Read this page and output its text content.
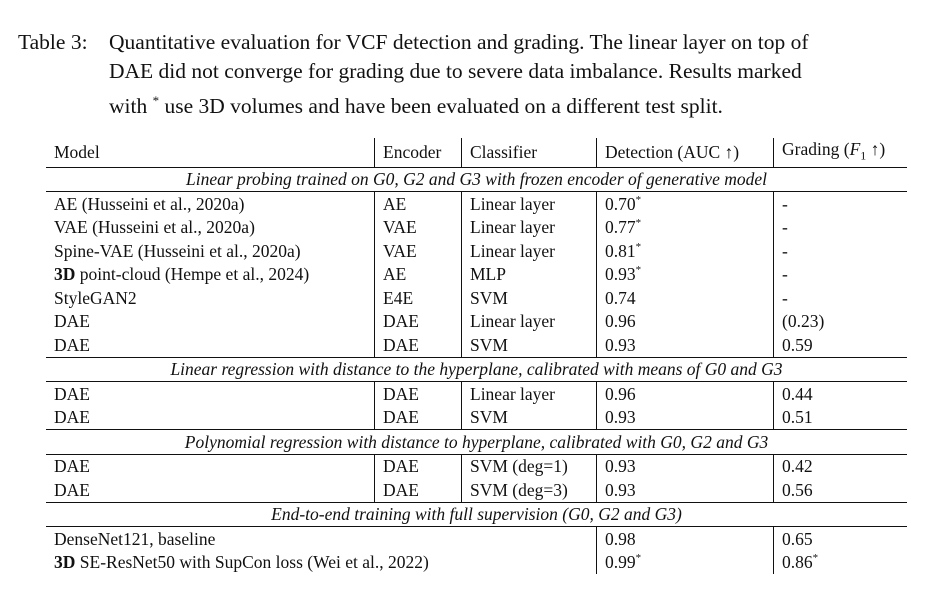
Table 3: Quantitative evaluation for VCF detection and grading. The linear layer on top of
DAE did not converge for grading due to severe data imbalance. Results marked
with * use 3D volumes and have been evaluated on a different test split.
Model	Encoder	Classifier	Detection (AUC ↑)	Grading ($F_1$ ↑)
Linear probing trained on G0, G2 and G3 with frozen encoder of generative model				
AE (Husseini et al., 2020a)	AE	Linear layer	0.70*	-
VAE (Husseini et al., 2020a)	VAE	Linear layer	0.77*	-
Spine-VAE (Husseini et al., 2020a)	VAE	Linear layer	0.81*	-
3D point-cloud (Hempe et al., 2024)	AE	MLP	0.93*	-
StyleGAN2	E4E	SVM	0.74	-
DAE	DAE	Linear layer	0.96	(0.23)
DAE	DAE	SVM	0.93	0.59
Linear regression with distance to the hyperplane, calibrated with means of G0 and G3				
DAE	DAE	Linear layer	0.96	0.44
DAE	DAE	SVM	0.93	0.51
Polynomial regression with distance to hyperplane, calibrated with G0, G2 and G3				
DAE	DAE	SVM (deg=1)	0.93	0.42
DAE	DAE	SVM (deg=3)	0.93	0.56
End-to-end training with full supervision (G0, G2 and G3)				
DenseNet121, baseline			0.98	0.65
3D SE-ResNet50 with SupCon loss (Wei et al., 2022)			0.99*	0.86*
